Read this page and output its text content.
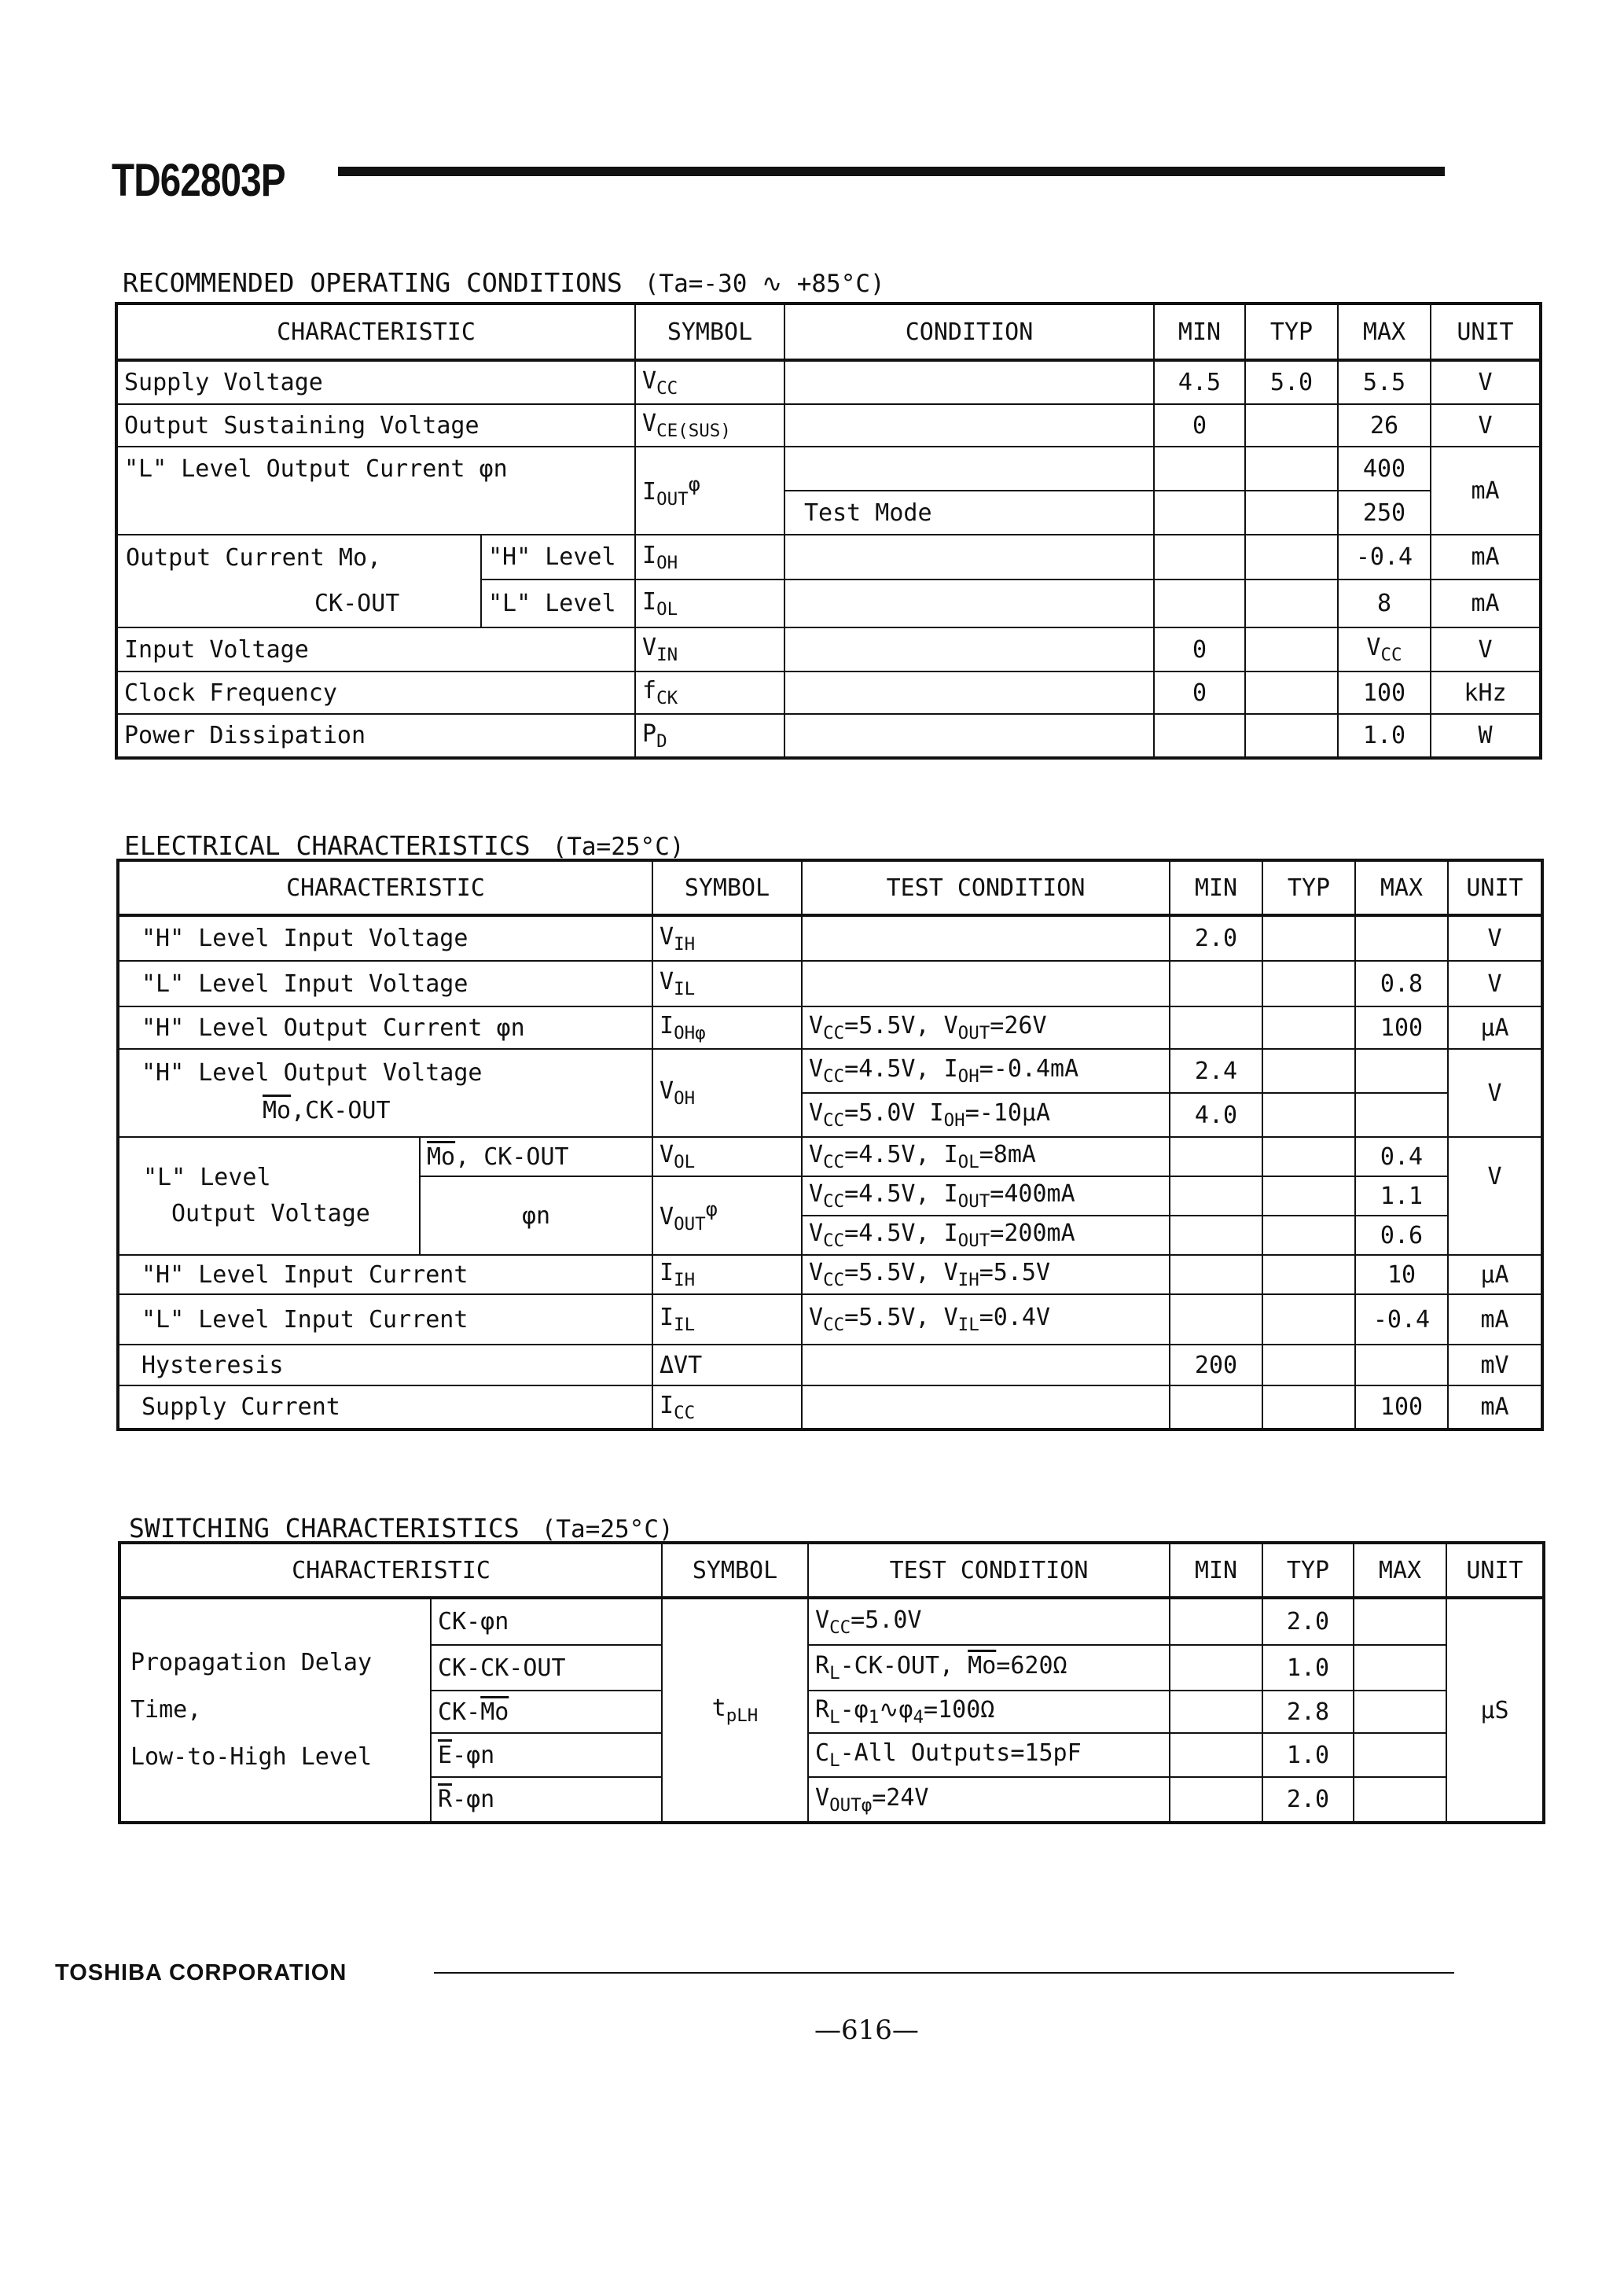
TD62803P
RECOMMENDED OPERATING CONDITIONS (Ta=-30 ∿ +85°C)
CHARACTERISTIC		SYMBOL	CONDITION	MIN	TYP	MAX	UNIT
Supply Voltage		$V_{CC}$		4.5	5.0	5.5	V
Output Sustaining Voltage		$V_{CE(SUS)}$		0		26	V
"L" Level Output Current φn		$I_{OUT}^\varphi$				400	mA
			Test Mode			250	
Output Current Mo,
CK-OUT	"H" Level	$I_{OH}$				-0.4	mA
	"L" Level	$I_{OL}$				8	mA
Input Voltage		$V_{IN}$		0		$V_{CC}$	V
Clock Frequency		$f_{CK}$		0		100	kHz
Power Dissipation		$P_D$				1.0	W
ELECTRICAL CHARACTERISTICS (Ta=25°C)
CHARACTERISTIC		SYMBOL	TEST CONDITION	MIN	TYP	MAX	UNIT
"H" Level Input Voltage		$V_{IH}$		2.0			V
"L" Level Input Voltage		$V_{IL}$				0.8	V
"H" Level Output Current φn		$I_{OH\varphi}$	$V_{CC}=5.5V$, $V_{OUT}=26V$			100	μA
"H" Level Output Voltage
$\overline{Mo},CK$-OUT		$V_{OH}$	$V_{CC}=4.5V$, $I_{OH}=-0.4mA$	2.4			V
			$V_{CC}=5.0V$ $I_{OH}=-10\mu A$	4.0			
"L" Level
Output Voltage	$\overline{Mo}$, CK-OUT	$V_{OL}$	$V_{CC}=4.5V$, $I_{OL}=8mA$			0.4	V
	φn	$V_{OUT}^\varphi$	$V_{CC}=4.5V$, $I_{OUT}=400mA$			1.1	
			$V_{CC}=4.5V$, $I_{OUT}=200mA$			0.6	
"H" Level Input Current		$I_{IH}$	$V_{CC}=5.5V$, $V_{IH}=5.5V$			10	μA
"L" Level Input Current		$I_{IL}$	$V_{CC}=5.5V$, $V_{IL}=0.4V$			-0.4	mA
Hysteresis		ΔVT		200			mV
Supply Current		$I_{CC}$				100	mA
SWITCHING CHARACTERISTICS (Ta=25°C)
CHARACTERISTIC		SYMBOL	TEST CONDITION	MIN	TYP	MAX	UNIT
Propagation Delay
Time,
Low-to-High Level	CK-φn	$t_{pLH}$	$V_{CC}=5.0V$		2.0		μS
	CK-CK-OUT		$R_L-CK$-OUT, $\overline{Mo}=620\Omega$		1.0		
	$CK-\overline{Mo}$		$R_L-\varphi_1∿\varphi_4=100\Omega$		2.8		
	$\overline{E}-\varphi n$		$C_L$-All Outputs=15pF		1.0		
	$\overline{R}-\varphi n$		$V_{OUT\varphi}=24V$		2.0		
TOSHIBA CORPORATION
—616—
